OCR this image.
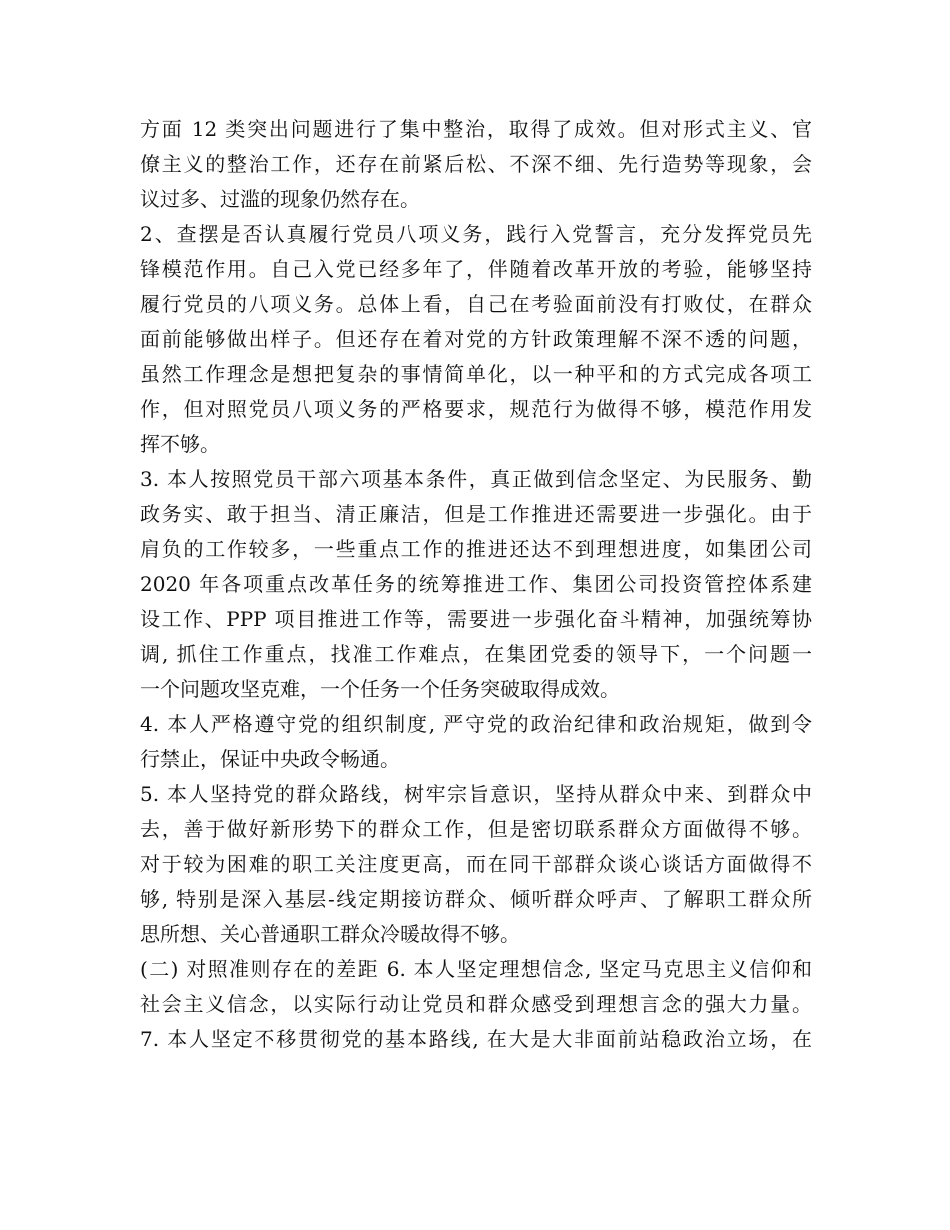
方面 12 类突出问题进行了集中整治，取得了成效。但对形式主义、官
僚主义的整治工作，还存在前紧后松、不深不细、先行造势等现象，会
议过多、过滥的现象仍然存在。
2、查摆是否认真履行党员八项义务，践行入党誓言，充分发挥党员先
锋模范作用。自己入党已经多年了，伴随着改革开放的考验，能够坚持
履行党员的八项义务。总体上看，自己在考验面前没有打败仗，在群众
面前能够做出样子。但还存在着对党的方针政策理解不深不透的问题，
虽然工作理念是想把复杂的事情简单化，以一种平和的方式完成各项工
作，但对照党员八项义务的严格要求，规范行为做得不够，模范作用发
挥不够。
3. 本人按照党员干部六项基本条件，真正做到信念坚定、为民服务、勤
政务实、敢于担当、清正廉洁，但是工作推进还需要进一步强化。由于
肩负的工作较多，一些重点工作的推进还达不到理想进度，如集团公司
2020 年各项重点改革任务的统筹推进工作、集团公司投资管控体系建
设工作、PPP 项目推进工作等，需要进一步强化奋斗精神，加强统筹协
调, 抓住工作重点，找准工作难点，在集团党委的领导下，一个问题一
一个问题攻坚克难，一个任务一个任务突破取得成效。
4. 本人严格遵守党的组织制度, 严守党的政治纪律和政治规矩，做到令
行禁止，保证中央政令畅通。
5. 本人坚持党的群众路线，树牢宗旨意识，坚持从群众中来、到群众中
去，善于做好新形势下的群众工作，但是密切联系群众方面做得不够。
对于较为困难的职工关注度更高，而在同干部群众谈心谈话方面做得不
够, 特别是深入基层-线定期接访群众、倾听群众呼声、了解职工群众所
思所想、关心普通职工群众冷暖故得不够。
(二) 对照准则存在的差距 6. 本人坚定理想信念, 坚定马克思主义信仰和
社会主义信念，以实际行动让党员和群众感受到理想言念的强大力量。
7. 本人坚定不移贯彻党的基本路线, 在大是大非面前站稳政治立场，在
